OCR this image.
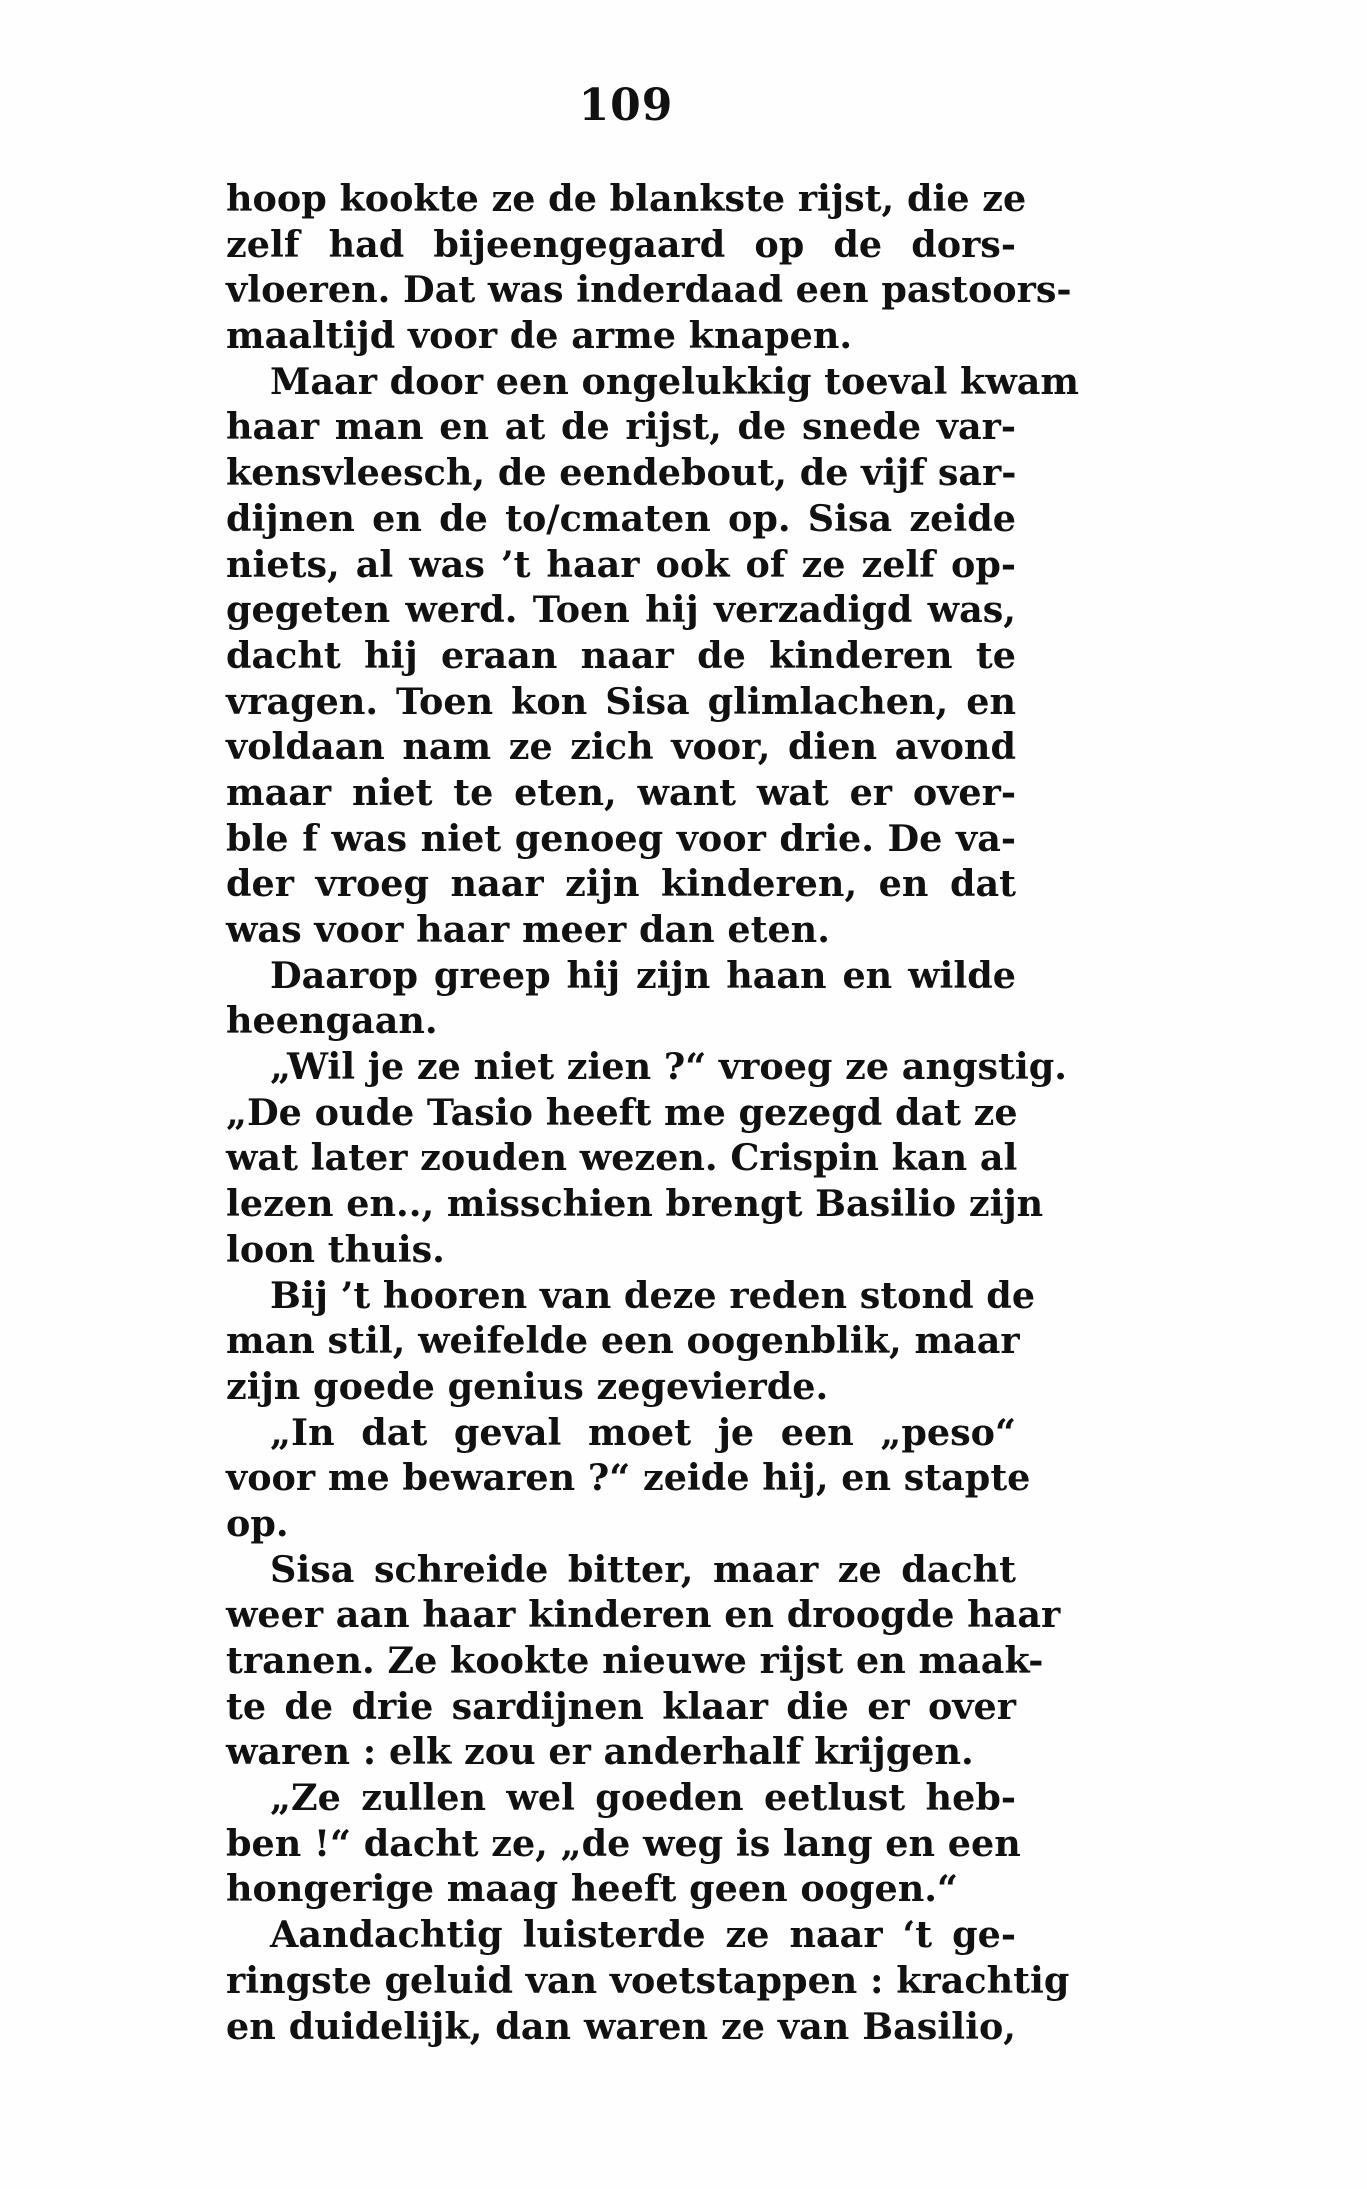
109
hoop kookte ze de blankste rijst, die ze
zelf had bijeengegaard op de dors-
vloeren. Dat was inderdaad een pastoors-
maaltijd voor de arme knapen.
Maar door een ongelukkig toeval kwam
haar man en at de rijst, de snede var-
kensvleesch, de eendebout, de vijf sar-
dijnen en de to/cmaten op. Sisa zeide
niets, al was ’t haar ook of ze zelf op-
gegeten werd. Toen hij verzadigd was,
dacht hij eraan naar de kinderen te
vragen. Toen kon Sisa glimlachen, en
voldaan nam ze zich voor, dien avond
maar niet te eten, want wat er over-
ble f was niet genoeg voor drie. De va-
der vroeg naar zijn kinderen, en dat
was voor haar meer dan eten.
Daarop greep hij zijn haan en wilde
heengaan.
„Wil je ze niet zien ?“ vroeg ze angstig.
„De oude Tasio heeft me gezegd dat ze
wat later zouden wezen. Crispin kan al
lezen en.., misschien brengt Basilio zijn
loon thuis.
Bij ’t hooren van deze reden stond de
man stil, weifelde een oogenblik, maar
zijn goede genius zegevierde.
„In dat geval moet je een „peso“
voor me bewaren ?“ zeide hij, en stapte
op.
Sisa schreide bitter, maar ze dacht
weer aan haar kinderen en droogde haar
tranen. Ze kookte nieuwe rijst en maak-
te de drie sardijnen klaar die er over
waren : elk zou er anderhalf krijgen.
„Ze zullen wel goeden eetlust heb-
ben !“ dacht ze, „de weg is lang en een
hongerige maag heeft geen oogen.“
Aandachtig luisterde ze naar ‘t ge-
ringste geluid van voetstappen : krachtig
en duidelijk, dan waren ze van Basilio,
